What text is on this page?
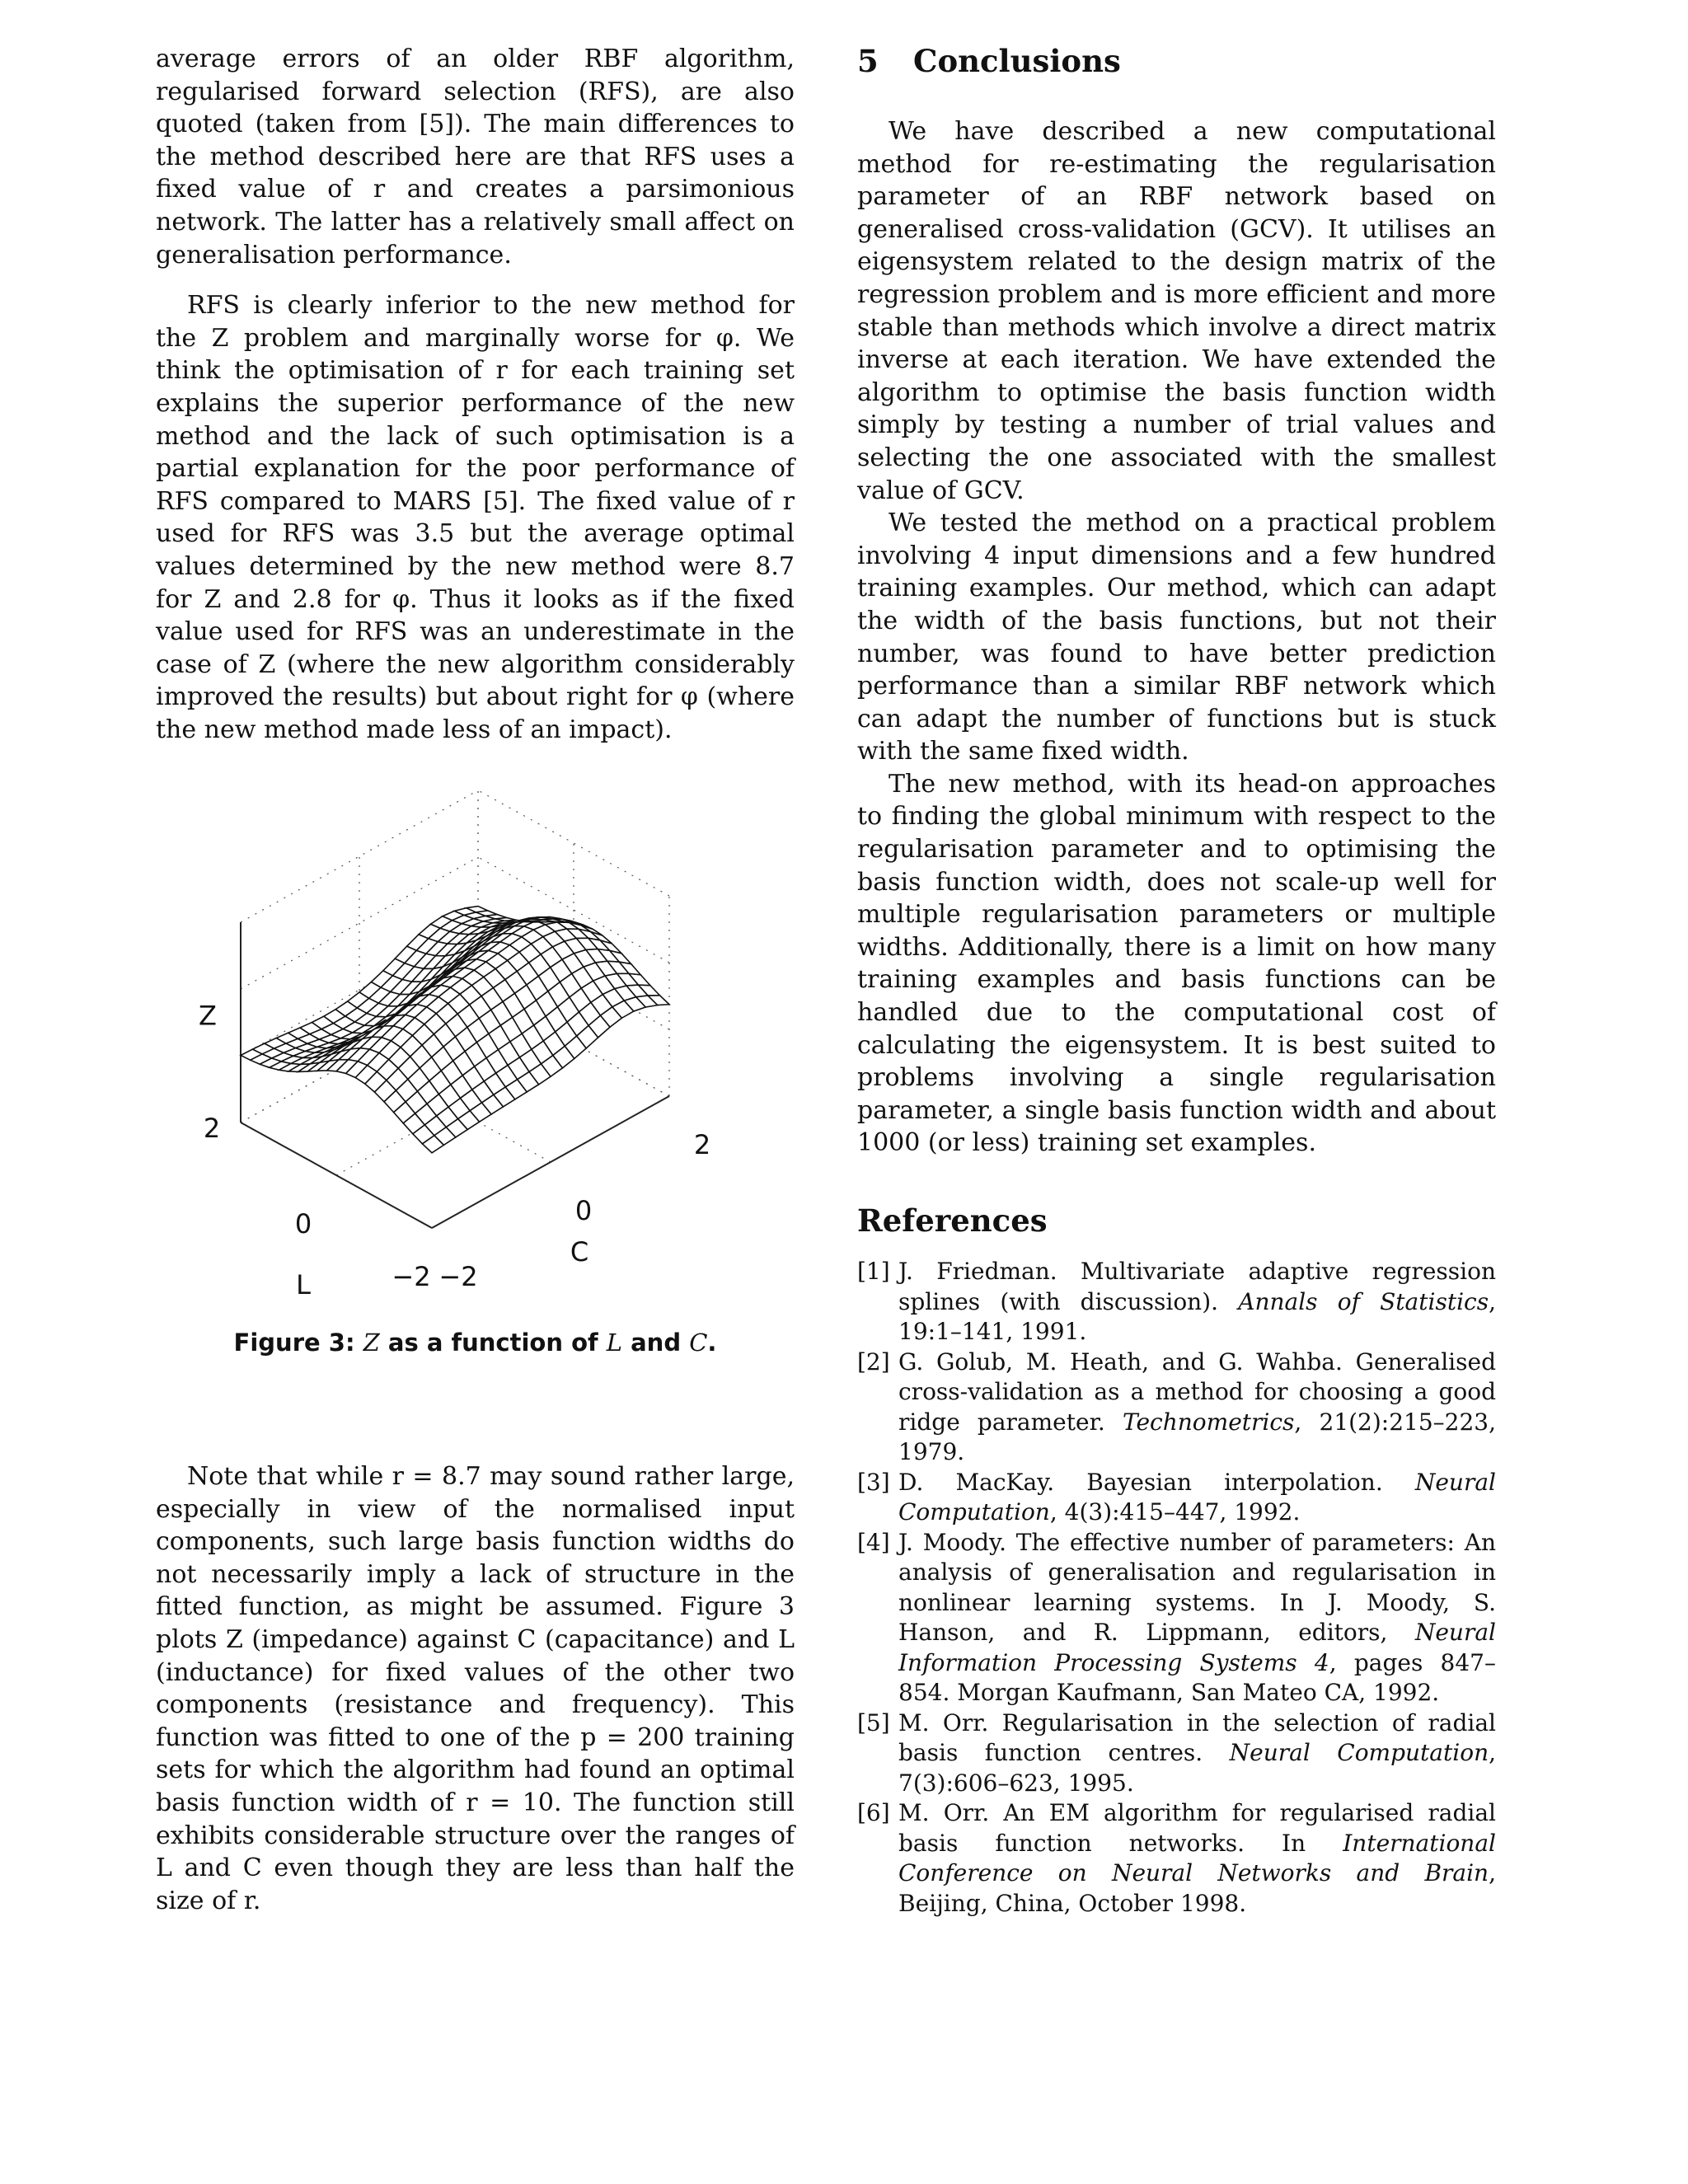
average errors of an older RBF algorithm, regularised forward selection (RFS), are also quoted (taken from [5]). The main differences to the method described here are that RFS uses a fixed value of r and creates a parsimonious network. The latter has a relatively small affect on generalisation performance.

RFS is clearly inferior to the new method for the Z problem and marginally worse for φ. We think the optimisation of r for each training set explains the superior performance of the new method and the lack of such optimisation is a partial explanation for the poor performance of RFS compared to MARS [5]. The fixed value of r used for RFS was 3.5 but the average optimal values determined by the new method were 8.7 for Z and 2.8 for φ. Thus it looks as if the fixed value used for RFS was an underestimate in the case of Z (where the new algorithm considerably improved the results) but about right for φ (where the new method made less of an impact).

Z
2
0
−2
L	−2
0
2
C
Figure 3: Z as a function of L and C.

Note that while r = 8.7 may sound rather large, especially in view of the normalised input components, such large basis function widths do not necessarily imply a lack of structure in the fitted function, as might be assumed. Figure 3 plots Z (impedance) against C (capacitance) and L (inductance) for fixed values of the other two components (resistance and frequency). This function was fitted to one of the p = 200 training sets for which the algorithm had found an optimal basis function width of r = 10. The function still exhibits considerable structure over the ranges of L and C even though they are less than half the size of r.

5 Conclusions

We have described a new computational method for re-estimating the regularisation parameter of an RBF network based on generalised cross-validation (GCV). It utilises an eigensystem related to the design matrix of the regression problem and is more efficient and more stable than methods which involve a direct matrix inverse at each iteration. We have extended the algorithm to optimise the basis function width simply by testing a number of trial values and selecting the one associated with the smallest value of GCV.

We tested the method on a practical problem involving 4 input dimensions and a few hundred training examples. Our method, which can adapt the width of the basis functions, but not their number, was found to have better prediction performance than a similar RBF network which can adapt the number of functions but is stuck with the same fixed width.

The new method, with its head-on approaches to finding the global minimum with respect to the regularisation parameter and to optimising the basis function width, does not scale-up well for multiple regularisation parameters or multiple widths. Additionally, there is a limit on how many training examples and basis functions can be handled due to the computational cost of calculating the eigensystem. It is best suited to problems involving a single regularisation parameter, a single basis function width and about 1000 (or less) training set examples.

References
[1] J. Friedman. Multivariate adaptive regression splines (with discussion). Annals of Statistics, 19:1–141, 1991.
[2] G. Golub, M. Heath, and G. Wahba. Generalised cross-validation as a method for choosing a good ridge parameter. Technometrics, 21(2):215–223, 1979.
[3] D. MacKay. Bayesian interpolation. Neural Computation, 4(3):415–447, 1992.
[4] J. Moody. The effective number of parameters: An analysis of generalisation and regularisation in nonlinear learning systems. In J. Moody, S. Hanson, and R. Lippmann, editors, Neural Information Processing Systems 4, pages 847–854. Morgan Kaufmann, San Mateo CA, 1992.
[5] M. Orr. Regularisation in the selection of radial basis function centres. Neural Computation, 7(3):606–623, 1995.
[6] M. Orr. An EM algorithm for regularised radial basis function networks. In International Conference on Neural Networks and Brain, Beijing, China, October 1998.
